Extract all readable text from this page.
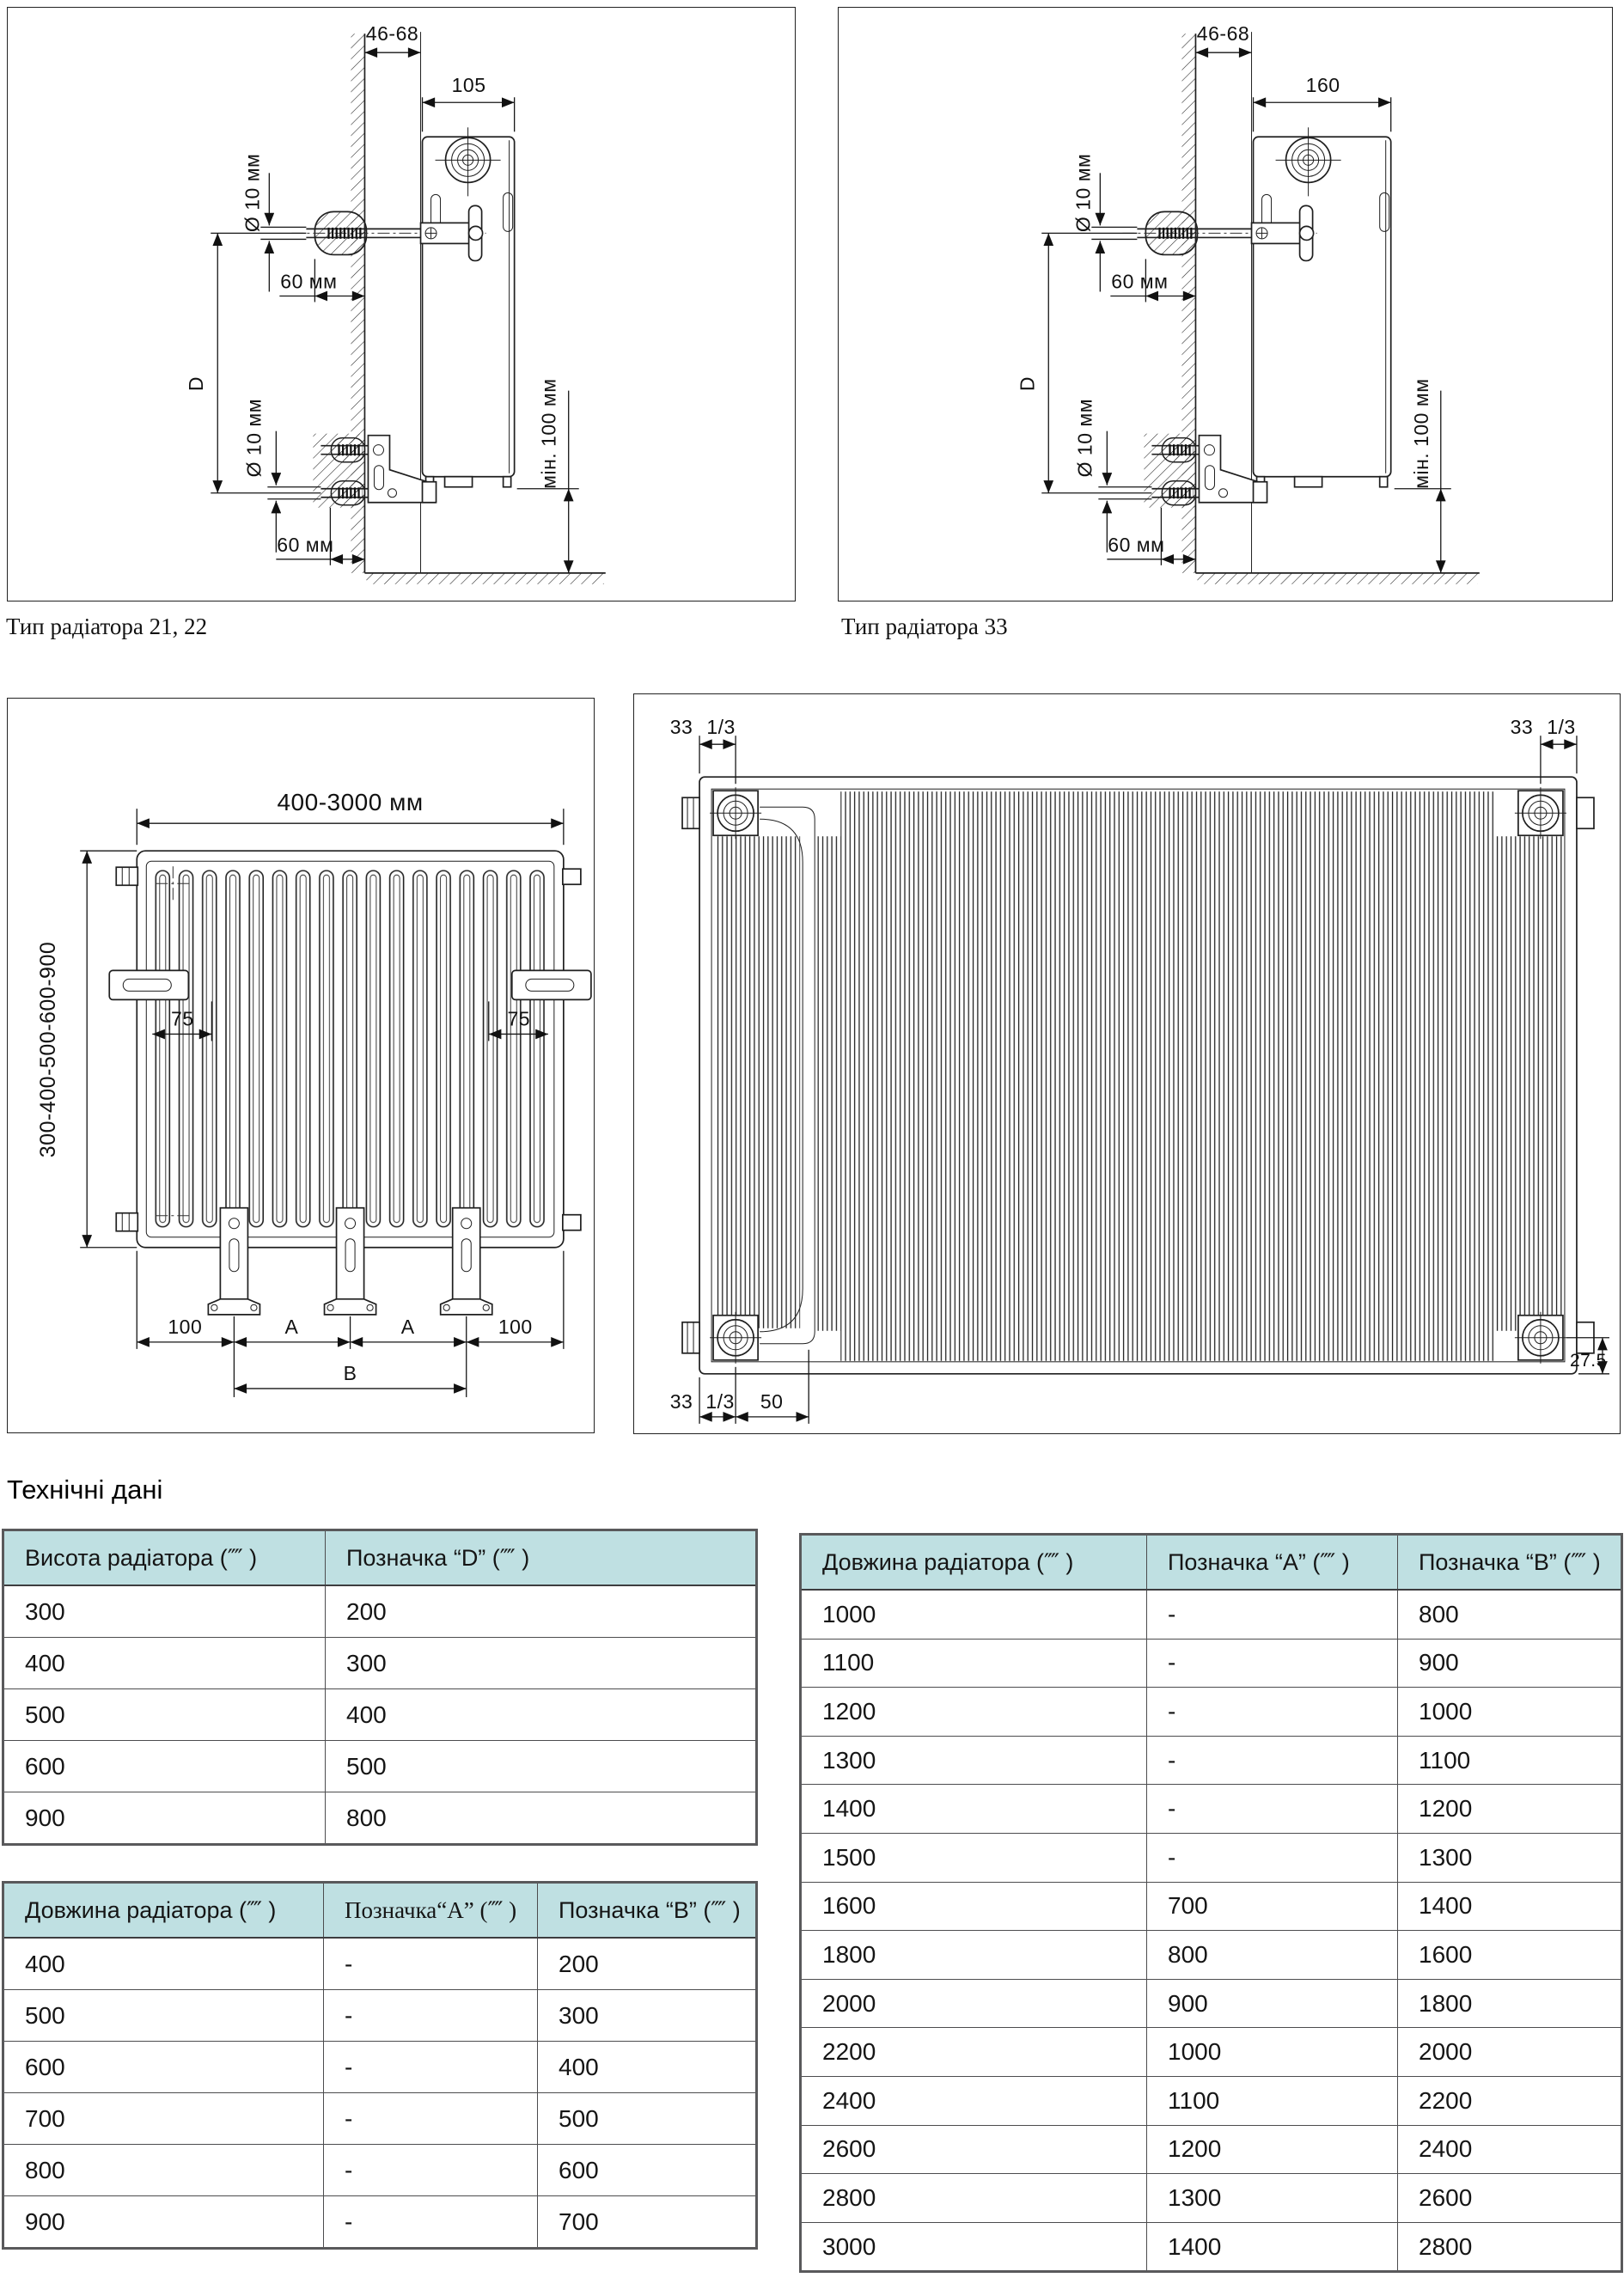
46-68
105
Ø 10 мм
60 мм
D
Ø 10 мм
60 мм
мін. 100 мм
46-68
160
Ø 10 мм
60 мм
D
Ø 10 мм
60 мм
мін. 100 мм
Тип радіатора 21, 22	Тип радіатора 33
400-3000 мм
300-400-500-600-900	75	75
100	A	A	100
B
33 1/3	33 1/3
33 1/3 50
27.5
Технічні дані
Висота радіатора (⁗ )	Позначка “D” (⁗ )
300	200
400	300
500	400
600	500
900	800
Довжина радіатора (⁗ )	Позначка“А” (⁗ )	Позначка “В” (⁗ )
400	-	200
500	-	300
600	-	400
700	-	500
800	-	600
900	-	700
Довжина радіатора (⁗ )	Позначка “А” (⁗ )	Позначка “В” (⁗ )
1000	-	800
1100	-	900
1200	-	1000
1300	-	1100
1400	-	1200
1500	-	1300
1600	700	1400
1800	800	1600
2000	900	1800
2200	1000	2000
2400	1100	2200
2600	1200	2400
2800	1300	2600
3000	1400	2800
